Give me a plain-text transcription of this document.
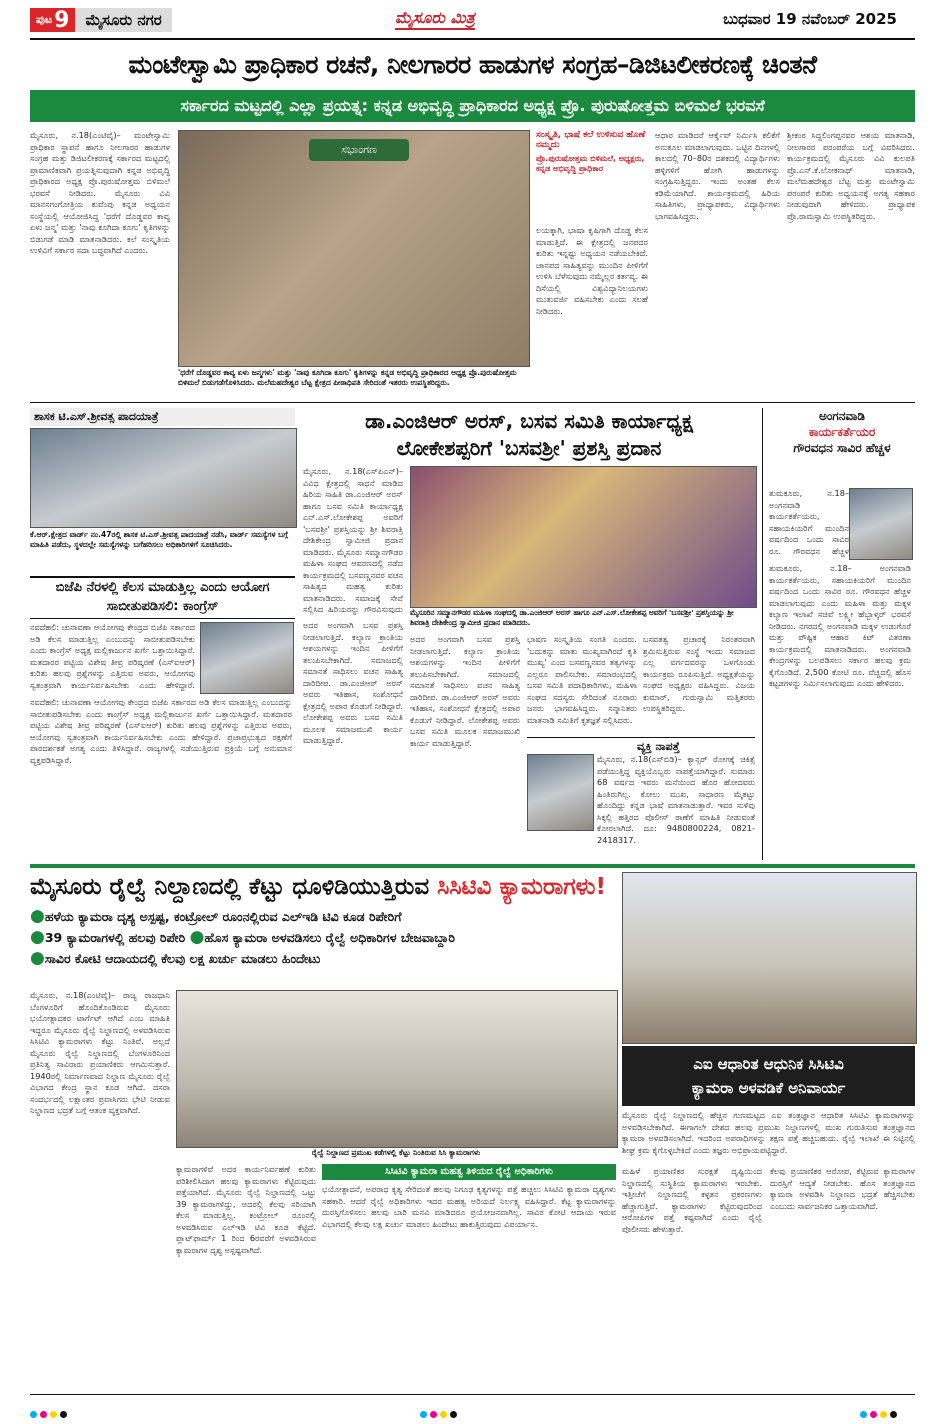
ಪುಟ 9	ಮೈಸೂರು ನಗರ	ಮೈಸೂರು ಮಿತ್ರ	ಬುಧವಾರ 19 ನವೆಂಬರ್ 2025
ಮಂಟೇಸ್ವಾಮಿ ಪ್ರಾಧಿಕಾರ ರಚನೆ, ನೀಲಗಾರರ ಹಾಡುಗಳ ಸಂಗ್ರಹ–ಡಿಜಿಟಲೀಕರಣಕ್ಕೆ ಚಿಂತನೆ
ಸರ್ಕಾರದ ಮಟ್ಟದಲ್ಲಿ ಎಲ್ಲಾ ಪ್ರಯತ್ನ: ಕನ್ನಡ ಅಭಿವೃದ್ಧಿ ಪ್ರಾಧಿಕಾರದ ಅಧ್ಯಕ್ಷ ಪ್ರೊ. ಪುರುಷೋತ್ತಮ ಬಿಳಿಮಲೆ ಭರವಸೆ
ಮೈಸೂರು, ನ.18(ಎಂಟಿವೈ)– ಮಂಟೇಸ್ವಾಮಿ ಪ್ರಾಧಿಕಾರ ಸ್ಥಾಪನೆ ಹಾಗೂ ನೀಲಗಾರರ ಹಾಡುಗಳ ಸಂಗ್ರಹ ಮತ್ತು ಡಿಜಿಟಲೀಕರಣಕ್ಕೆ ಸರ್ಕಾರದ ಮಟ್ಟದಲ್ಲಿ ಪ್ರಾಮಾಣಿಕವಾಗಿ ಪ್ರಯತ್ನಿಸುವುದಾಗಿ ಕನ್ನಡ ಅಭಿವೃದ್ಧಿ ಪ್ರಾಧಿಕಾರದ ಅಧ್ಯಕ್ಷ ಪ್ರೊ.ಪುರುಷೋತ್ತಮ ಬಿಳಿಮಲೆ ಭರವಸೆ ನೀಡಿದರು. ಮೈಸೂರು ವಿವಿ ಮಾನಸಗಂಗೋತ್ರಿಯ ಕುವೆಂಪು ಕನ್ನಡ ಅಧ್ಯಯನ ಸಂಸ್ಥೆಯಲ್ಲಿ ಆಯೋಜಿಸಿದ್ದ 'ಧರೆಗೆ ದೊಡ್ಡವರ ಕಾವ್ಯ ಏಳು ಜನ್ಮ' ಮತ್ತು 'ನಾವು ಕೂಗಿದಾ ಕೂಗು' ಕೃತಿಗಳನ್ನು ಬಿಡುಗಡೆ ಮಾಡಿ ಮಾತನಾಡಿದರು. ಕಲೆ ಸಂಸ್ಕೃತಿಯ ಉಳಿವಿಗೆ ಸರ್ಕಾರ ಸದಾ ಬದ್ಧವಾಗಿದೆ ಎಂದರು.
ಸಭಾಂಗಣ
'ಧರೆಗೆ ದೊಡ್ಡವರ ಕಾವ್ಯ ಏಳು ಜನ್ಮಗಳು' ಮತ್ತು 'ನಾವು ಕೂಗಿದಾ ಕೂಗು' ಕೃತಿಗಳನ್ನು ಕನ್ನಡ ಅಭಿವೃದ್ಧಿ ಪ್ರಾಧಿಕಾರದ ಅಧ್ಯಕ್ಷ ಪ್ರೊ.ಪುರುಷೋತ್ತಮ ಬಿಳಿಮಲೆ ಬಿಡುಗಡೆಗೊಳಿಸಿದರು. ಮಲೆಮಹದೇಶ್ವರ ಬೆಟ್ಟ ಕ್ಷೇತ್ರದ ಪೀಠಾಧಿಪತಿ ಸೇರಿದಂತೆ ಇತರರು ಉಪಸ್ಥಿತರಿದ್ದರು.
ಸಂಸ್ಕೃತಿ, ಭಾಷೆ ಕಲೆ ಉಳಿಸುವ ಹೊಣೆ ನಮ್ಮದು
ಪ್ರೊ.ಪುರುಷೋತ್ತಮ ಬಿಳಿಮಲೆ, ಅಧ್ಯಕ್ಷರು, ಕನ್ನಡ ಅಭಿವೃದ್ಧಿ ಪ್ರಾಧಿಕಾರ
ಲಯಕ್ಕಾಗಿ, ಭಾಷಾ ಕೃಷಿಗಾಗಿ ದೊಡ್ಡ ಕೆಲಸ ಮಾಡುತ್ತಿದೆ. ಈ ಕ್ಷೇತ್ರದಲ್ಲಿ ಜನಪದರ ಕುರಿತು ಇನ್ನಷ್ಟು ಅಧ್ಯಯನ ನಡೆಯಬೇಕಿದೆ. ಜಾನಪದ ಸಾಹಿತ್ಯವನ್ನು ಮುಂದಿನ ಪೀಳಿಗೆಗೆ ಉಳಿಸಿ ಬೆಳೆಸುವುದು ನಮ್ಮೆಲ್ಲರ ಕರ್ತವ್ಯ. ಈ ದಿಸೆಯಲ್ಲಿ ವಿಶ್ವವಿದ್ಯಾನಿಲಯಗಳು ಮುತುವರ್ಜಿ ವಹಿಸಬೇಕು ಎಂದು ಸಲಹೆ ನೀಡಿದರು.
ಆಧಾರ ಮಾಡಿದರೆ ಆರ್ಕೈವ್ ನಿರ್ಮಿಸಿ ಕಲಿಕೆಗೆ ಅನುಕೂಲ ಮಾಡಲಾಗುವುದು. ಒಟ್ಟಿನ ದಿನಗಳಲ್ಲಿ ಕಾಲದಲ್ಲಿ 70–80ರ ದಶಕದಲ್ಲಿ ವಿದ್ಯಾರ್ಥಿಗಳು ಹಳ್ಳಿಗಳಿಗೆ ಹೋಗಿ ಹಾಡುಗಳನ್ನು ಸಂಗ್ರಹಿಸುತ್ತಿದ್ದರು. ಇಂದು ಅಂತಹ ಕೆಲಸ ಕಡಿಮೆಯಾಗಿದೆ. ಕಾರ್ಯಕ್ರಮದಲ್ಲಿ ಹಿರಿಯ ಸಾಹಿತಿಗಳು, ಪ್ರಾಧ್ಯಾಪಕರು, ವಿದ್ಯಾರ್ಥಿಗಳು ಭಾಗವಹಿಸಿದ್ದರು.
ಶ್ರೀಕಂಠ ಸಿದ್ದಲಿಂಗಪ್ಪನವರ ಆಶಯ ಮಾತನಾಡಿ, ನೀಲಗಾರರ ಪರಂಪರೆಯ ಬಗ್ಗೆ ವಿವರಿಸಿದರು. ಕಾರ್ಯಕ್ರಮದಲ್ಲಿ ಮೈಸೂರು ವಿವಿ ಕುಲಪತಿ ಪ್ರೊ.ಎನ್.ಕೆ.ಲೋಕನಾಥ್ ಮಾತನಾಡಿ, ಮಲೆಮಹದೇಶ್ವರ ಬೆಟ್ಟ ಮತ್ತು ಮಂಟೇಸ್ವಾಮಿ ಪರಂಪರೆ ಕುರಿತು ಅಧ್ಯಯನಕ್ಕೆ ಅಗತ್ಯ ಸಹಕಾರ ನೀಡುವುದಾಗಿ ಹೇಳಿದರು. ಪ್ರಾಧ್ಯಾಪಕ ಪ್ರೊ.ರಾಮಸ್ವಾಮಿ ಉಪಸ್ಥಿತರಿದ್ದರು.
ಶಾಸಕ ಟಿ.ಎಸ್.ಶ್ರೀವತ್ಸ ಪಾದಯಾತ್ರೆ
ಕೆ.ಆರ್.ಕ್ಷೇತ್ರದ ವಾರ್ಡ್ ನಂ.47ರಲ್ಲಿ ಶಾಸಕ ಟಿ.ಎಸ್.ಶ್ರೀವತ್ಸ ಪಾದಯಾತ್ರೆ ನಡೆಸಿ, ವಾರ್ಡ್ ಸಮಸ್ಯೆಗಳ ಬಗ್ಗೆ ಮಾಹಿತಿ ಪಡೆದು, ಸ್ಥಳದಲ್ಲೇ ಸಮಸ್ಯೆಗಳನ್ನು ಬಗೆಹರಿಸಲು ಅಧಿಕಾರಿಗಳಿಗೆ ಸೂಚಿಸಿದರು.
ಬಿಜೆಪಿ ನೆರಳಲ್ಲಿ ಕೆಲಸ ಮಾಡುತ್ತಿಲ್ಲ ಎಂದು ಆಯೋಗ ಸಾಬೀತುಪಡಿಸಲಿ: ಕಾಂಗ್ರೆಸ್
ನವದೆಹಲಿ: ಚುನಾವಣಾ ಆಯೋಗವು ಕೇಂದ್ರದ ಬಿಜೆಪಿ ಸರ್ಕಾರದ ಅಡಿ ಕೆಲಸ ಮಾಡುತ್ತಿಲ್ಲ ಎಂಬುದನ್ನು ಸಾಬೀತುಪಡಿಸಬೇಕು ಎಂದು ಕಾಂಗ್ರೆಸ್ ಅಧ್ಯಕ್ಷ ಮಲ್ಲಿಕಾರ್ಜುನ ಖರ್ಗೆ ಒತ್ತಾಯಿಸಿದ್ದಾರೆ. ಮತದಾರರ ಪಟ್ಟಿಯ ವಿಶೇಷ ತೀವ್ರ ಪರಿಷ್ಕರಣೆ (ಎಸ್‌ಐಆರ್) ಕುರಿತು ಹಲವು ಪ್ರಶ್ನೆಗಳನ್ನು ಎತ್ತಿರುವ ಅವರು, ಆಯೋಗವು ಸ್ವತಂತ್ರವಾಗಿ ಕಾರ್ಯನಿರ್ವಹಿಸಬೇಕು ಎಂದು ಹೇಳಿದ್ದಾರೆ.
ನವದೆಹಲಿ: ಚುನಾವಣಾ ಆಯೋಗವು ಕೇಂದ್ರದ ಬಿಜೆಪಿ ಸರ್ಕಾರದ ಅಡಿ ಕೆಲಸ ಮಾಡುತ್ತಿಲ್ಲ ಎಂಬುದನ್ನು ಸಾಬೀತುಪಡಿಸಬೇಕು ಎಂದು ಕಾಂಗ್ರೆಸ್ ಅಧ್ಯಕ್ಷ ಮಲ್ಲಿಕಾರ್ಜುನ ಖರ್ಗೆ ಒತ್ತಾಯಿಸಿದ್ದಾರೆ. ಮತದಾರರ ಪಟ್ಟಿಯ ವಿಶೇಷ ತೀವ್ರ ಪರಿಷ್ಕರಣೆ (ಎಸ್‌ಐಆರ್) ಕುರಿತು ಹಲವು ಪ್ರಶ್ನೆಗಳನ್ನು ಎತ್ತಿರುವ ಅವರು, ಆಯೋಗವು ಸ್ವತಂತ್ರವಾಗಿ ಕಾರ್ಯನಿರ್ವಹಿಸಬೇಕು ಎಂದು ಹೇಳಿದ್ದಾರೆ. ಪ್ರಜಾಪ್ರಭುತ್ವದ ರಕ್ಷಣೆಗೆ ಪಾರದರ್ಶಕತೆ ಅಗತ್ಯ ಎಂದು ತಿಳಿಸಿದ್ದಾರೆ. ರಾಜ್ಯಗಳಲ್ಲಿ ನಡೆಯುತ್ತಿರುವ ಪ್ರಕ್ರಿಯೆ ಬಗ್ಗೆ ಅನುಮಾನ ವ್ಯಕ್ತಪಡಿಸಿದ್ದಾರೆ.
ಡಾ.ಎಂಜಿಆರ್ ಅರಸ್, ಬಸವ ಸಮಿತಿ ಕಾರ್ಯಾಧ್ಯಕ್ಷ
ಲೋಕೇಶಪ್ಪರಿಗೆ 'ಬಸವಶ್ರೀ' ಪ್ರಶಸ್ತಿ ಪ್ರದಾನ
ಮೈಸೂರು, ನ.18(ಎಸ್‌ಪಿಎನ್)– ವಿವಿಧ ಕ್ಷೇತ್ರದಲ್ಲಿ ಸಾಧನೆ ಮಾಡಿದ ಹಿರಿಯ ಸಾಹಿತಿ ಡಾ.ಎಂಜಿಆರ್ ಅರಸ್ ಹಾಗೂ ಬಸವ ಸಮಿತಿ ಕಾರ್ಯಾಧ್ಯಕ್ಷ ಎನ್.ಎಸ್.ಲೋಕೇಶಪ್ಪ ಅವರಿಗೆ 'ಬಸವಶ್ರೀ' ಪ್ರಶಸ್ತಿಯನ್ನು ಶ್ರೀ ಶಿವರಾತ್ರಿ ದೇಶಿಕೇಂದ್ರ ಸ್ವಾಮೀಜಿ ಪ್ರದಾನ ಮಾಡಿದರು. ಮೈಸೂರು ಸಮ್ಮಾನಗೌಡರ ಮಹಿಳಾ ಸಂಘದ ಆವರಣದಲ್ಲಿ ನಡೆದ ಕಾರ್ಯಕ್ರಮದಲ್ಲಿ ಬಸವಣ್ಣನವರ ವಚನ ಸಾಹಿತ್ಯದ ಮಹತ್ವ ಕುರಿತು ಮಾತನಾಡಿದರು. ಸಮಾಜಕ್ಕೆ ಸೇವೆ ಸಲ್ಲಿಸಿದ ಹಿರಿಯರನ್ನು ಗೌರವಿಸುವುದು ಮೈಸೂರಿನ ಸಮ್ಮಾನಗೌಡರ ಮಹಿಳಾ ಸಂಘದಲ್ಲಿ ಡಾ.ಎಂಜಿಆರ್ ಅರಸ್ ಹಾಗೂ ಎನ್.ಎಸ್.ಲೋಕೇಶಪ್ಪ ಅವರಿಗೆ 'ಬಸವಶ್ರೀ' ಪ್ರಶಸ್ತಿಯನ್ನು ಶ್ರೀ ಶಿವರಾತ್ರಿ ದೇಶಿಕೇಂದ್ರ ಸ್ವಾಮೀಜಿ ಪ್ರದಾನ ಮಾಡಿದರು.
ಅದರ ಅಂಗವಾಗಿ ಬಸವ ಪ್ರಶಸ್ತಿ ನೀಡಲಾಗುತ್ತಿದೆ. ಕಲ್ಯಾಣ ಕ್ರಾಂತಿಯ ಆಶಯಗಳನ್ನು ಇಂದಿನ ಪೀಳಿಗೆಗೆ ತಲುಪಿಸಬೇಕಾಗಿದೆ. ಸಮಾಜದಲ್ಲಿ ಸಮಾನತೆ ಸಾಧಿಸಲು ವಚನ ಸಾಹಿತ್ಯ ದಾರಿದೀಪ. ಡಾ.ಎಂಜಿಆರ್ ಅರಸ್ ಅವರು ಇತಿಹಾಸ, ಸಂಶೋಧನೆ ಕ್ಷೇತ್ರದಲ್ಲಿ ಅಪಾರ ಕೊಡುಗೆ ನೀಡಿದ್ದಾರೆ. ಲೋಕೇಶಪ್ಪ ಅವರು ಬಸವ ಸಮಿತಿ ಮೂಲಕ ಸಮಾಜಮುಖಿ ಕಾರ್ಯ ಮಾಡುತ್ತಿದ್ದಾರೆ.
ಅದರ ಅಂಗವಾಗಿ ಬಸವ ಪ್ರಶಸ್ತಿ ನೀಡಲಾಗುತ್ತಿದೆ. ಕಲ್ಯಾಣ ಕ್ರಾಂತಿಯ ಆಶಯಗಳನ್ನು ಇಂದಿನ ಪೀಳಿಗೆಗೆ ತಲುಪಿಸಬೇಕಾಗಿದೆ. ಸಮಾಜದಲ್ಲಿ ಸಮಾನತೆ ಸಾಧಿಸಲು ವಚನ ಸಾಹಿತ್ಯ ದಾರಿದೀಪ. ಡಾ.ಎಂಜಿಆರ್ ಅರಸ್ ಅವರು ಇತಿಹಾಸ, ಸಂಶೋಧನೆ ಕ್ಷೇತ್ರದಲ್ಲಿ ಅಪಾರ ಕೊಡುಗೆ ನೀಡಿದ್ದಾರೆ. ಲೋಕೇಶಪ್ಪ ಅವರು ಬಸವ ಸಮಿತಿ ಮೂಲಕ ಸಮಾಜಮುಖಿ ಕಾರ್ಯ ಮಾಡುತ್ತಿದ್ದಾರೆ.
ಭಾಷಣ ಸಂಸ್ಕೃತಿಯ ಸಂಗತಿ ಎಂದರು. 'ಬದುಕನ್ನು ಮಾತು ಮುಖ್ಯವಾಗಿರದೆ ಕೃತಿ ಮುಖ್ಯ' ಎಂದ ಬಸವಣ್ಣನವರ ತತ್ವಗಳನ್ನು ಎಲ್ಲರೂ ಪಾಲಿಸಬೇಕು. ಸಮಾರಂಭದಲ್ಲಿ ಬಸವ ಸಮಿತಿ ಪದಾಧಿಕಾರಿಗಳು, ಮಹಿಳಾ ಸಂಘದ ಸದಸ್ಯರು ಸೇರಿದಂತೆ ನೂರಾರು ಜನರು ಭಾಗವಹಿಸಿದ್ದರು. ಸನ್ಮಾನಿತರು ಮಾತನಾಡಿ ಸಮಿತಿಗೆ ಕೃತಜ್ಞತೆ ಸಲ್ಲಿಸಿದರು.
ಬಸವತತ್ವ ಪ್ರಚಾರಕ್ಕೆ ನಿರಂತರವಾಗಿ ಶ್ರಮಿಸುತ್ತಿರುವ ಸಂಸ್ಥೆ ಇಂದು ಸಮಾಜದ ಎಲ್ಲ ವರ್ಗದವರನ್ನು ಒಳಗೊಂಡು ಕಾರ್ಯಕ್ರಮ ರೂಪಿಸುತ್ತಿದೆ. ಅಧ್ಯಕ್ಷತೆಯನ್ನು ಸಂಘದ ಅಧ್ಯಕ್ಷರು ವಹಿಸಿದ್ದರು. ವಿಜಯ ಕುಮಾರ್, ಗುರುಸ್ವಾಮಿ ಮತ್ತಿತರರು ಉಪಸ್ಥಿತರಿದ್ದರು.
ವ್ಯಕ್ತಿ ನಾಪತ್ತೆ
ಮೈಸೂರು, ನ.18(ಎಸ್‌ಬಿಡಿ)– ಕ್ಯಾನ್ಸರ್ ರೋಗಕ್ಕೆ ಚಿಕಿತ್ಸೆ ಪಡೆಯುತ್ತಿದ್ದ ವ್ಯಕ್ತಿಯೊಬ್ಬರು ನಾಪತ್ತೆಯಾಗಿದ್ದಾರೆ. ಸುಮಾರು 68 ವರ್ಷದ ಇವರು ಮನೆಯಿಂದ ಹೊರ ಹೋದವರು ಹಿಂತಿರುಗಿಲ್ಲ. ಕೋಲು ಮುಖ, ಸಾಧಾರಣ ಮೈಕಟ್ಟು ಹೊಂದಿದ್ದು ಕನ್ನಡ ಭಾಷೆ ಮಾತನಾಡುತ್ತಾರೆ. ಇವರ ಸುಳಿವು ಸಿಕ್ಕಲ್ಲಿ ಹತ್ತಿರದ ಪೊಲೀಸ್ ಠಾಣೆಗೆ ಮಾಹಿತಿ ನೀಡುವಂತೆ ಕೋರಲಾಗಿದೆ. ದೂ: 9480800224, 0821-2418317.
ಅಂಗನವಾಡಿ
ಕಾರ್ಯಕರ್ತೆಯರ
ಗೌರವಧನ ಸಾವಿರ ಹೆಚ್ಚಳ
ತುಮಕೂರು, ನ.18– ಅಂಗನವಾಡಿ ಕಾರ್ಯಕರ್ತೆಯರು, ಸಹಾಯಕಿಯರಿಗೆ ಮುಂದಿನ ವರ್ಷದಿಂದ ಒಂದು ಸಾವಿರ ರೂ. ಗೌರವಧನ ಹೆಚ್ಚಳ
ತುಮಕೂರು, ನ.18– ಅಂಗನವಾಡಿ ಕಾರ್ಯಕರ್ತೆಯರು, ಸಹಾಯಕಿಯರಿಗೆ ಮುಂದಿನ ವರ್ಷದಿಂದ ಒಂದು ಸಾವಿರ ರೂ. ಗೌರವಧನ ಹೆಚ್ಚಳ ಮಾಡಲಾಗುವುದು ಎಂದು ಮಹಿಳಾ ಮತ್ತು ಮಕ್ಕಳ ಕಲ್ಯಾಣ ಇಲಾಖೆ ಸಚಿವೆ ಲಕ್ಷ್ಮೀ ಹೆಬ್ಬಾಳ್ಕರ್ ಭರವಸೆ ನೀಡಿದರು. ನಗರದಲ್ಲಿ ಅಂಗನವಾಡಿ ಮಕ್ಕಳ ಉಡುಗೊರೆ ಮತ್ತು ಪೌಷ್ಟಿಕ ಆಹಾರ ಕಿಟ್ ವಿತರಣಾ ಕಾರ್ಯಕ್ರಮದಲ್ಲಿ ಮಾತನಾಡಿದರು. ಅಂಗನವಾಡಿ ಕೇಂದ್ರಗಳನ್ನು ಬಲಪಡಿಸಲು ಸರ್ಕಾರ ಹಲವು ಕ್ರಮ ಕೈಗೊಂಡಿದೆ. 2,500 ಕೋಟಿ ರೂ. ವೆಚ್ಚದಲ್ಲಿ ಹೊಸ ಕಟ್ಟಡಗಳನ್ನು ನಿರ್ಮಿಸಲಾಗುವುದು ಎಂದು ಹೇಳಿದರು.
ಮೈಸೂರು ರೈಲ್ವೆ ನಿಲ್ದಾಣದಲ್ಲಿ ಕೆಟ್ಟು ಧೂಳಿಡಿಯುತ್ತಿರುವ ಸಿಸಿಟಿವಿ ಕ್ಯಾಮರಾಗಳು!
●ಹಳೆಯ ಕ್ಯಾಮರಾ ದೃಶ್ಯ ಅಸ್ಪಷ್ಟ, ಕಂಟ್ರೋಲ್ ರೂಂನಲ್ಲಿರುವ ಎಲ್‌ಇಡಿ ಟಿವಿ ಕೂಡ ರಿಪೇರಿಗೆ
●39 ಕ್ಯಾಮರಾಗಳಲ್ಲಿ ಹಲವು ರಿಪೇರಿ ●ಹೊಸ ಕ್ಯಾಮರಾ ಅಳವಡಿಸಲು ರೈಲ್ವೆ ಅಧಿಕಾರಿಗಳ ಬೇಜವಾಬ್ದಾರಿ
●ಸಾವಿರ ಕೋಟಿ ಆದಾಯದಲ್ಲಿ ಕೆಲವು ಲಕ್ಷ ಖರ್ಚು ಮಾಡಲು ಹಿಂದೇಟು
ಮೈಸೂರು, ನ.18(ಎಂಟಿವೈ)– ರಾಜ್ಯ ರಾಜಧಾನಿ ಬೆಂಗಳೂರಿಗೆ ಹೊಂದಿಕೊಂಡಿರುವ ಮೈಸೂರು ಭಯೋತ್ಪಾದಕರ ಟಾರ್ಗೆಟ್ ಆಗಿದೆ ಎಂಬ ಮಾಹಿತಿ ಇದ್ದರೂ ಮೈಸೂರು ರೈಲ್ವೆ ನಿಲ್ದಾಣದಲ್ಲಿ ಅಳವಡಿಸಿರುವ ಸಿಸಿಟಿವಿ ಕ್ಯಾಮರಾಗಳು ಕೆಟ್ಟು ನಿಂತಿವೆ. ಅಲ್ಲದೆ ಮೈಸೂರು ರೈಲ್ವೆ ನಿಲ್ದಾಣದಲ್ಲಿ ಬೆಂಗಳೂರಿನಿಂದ ಪ್ರತಿನಿತ್ಯ ಸಾವಿರಾರು ಪ್ರಯಾಣಿಕರು ಆಗಮಿಸುತ್ತಾರೆ. 1940ರಲ್ಲಿ ನಿರ್ಮಾಣವಾದ ನಿಲ್ದಾಣ ಮೈಸೂರು ರೈಲ್ವೆ ವಿಭಾಗದ ಕೇಂದ್ರ ಸ್ಥಾನ ಕೂಡ ಆಗಿದೆ. ದಸರಾ ಸಂದರ್ಭದಲ್ಲಿ ಲಕ್ಷಾಂತರ ಪ್ರವಾಸಿಗರು ಭೇಟಿ ನೀಡುವ ನಿಲ್ದಾಣದ ಭದ್ರತೆ ಬಗ್ಗೆ ಆತಂಕ ವ್ಯಕ್ತವಾಗಿದೆ.
ರೈಲ್ವೆ ನಿಲ್ದಾಣದ ಪ್ರಮುಖ ಕಡೆಗಳಲ್ಲಿ ಕೆಟ್ಟು ನಿಂತಿರುವ ಸಿಸಿ ಕ್ಯಾಮರಾಗಳು
ಎಐ ಆಧಾರಿತ ಆಧುನಿಕ ಸಿಸಿಟಿವಿ
ಕ್ಯಾಮರಾ ಅಳವಡಿಕೆ ಅನಿವಾರ್ಯ
ಮೈಸೂರು ರೈಲ್ವೆ ನಿಲ್ದಾಣದಲ್ಲಿ ಹೆಚ್ಚಿನ ಗುಣಮಟ್ಟದ ಎಐ ತಂತ್ರಜ್ಞಾನ ಆಧಾರಿತ ಸಿಸಿಟಿವಿ ಕ್ಯಾಮರಾಗಳನ್ನು ಅಳವಡಿಸಬೇಕಾಗಿದೆ. ಈಗಾಗಲೇ ದೇಶದ ಹಲವು ಪ್ರಮುಖ ನಿಲ್ದಾಣಗಳಲ್ಲಿ ಮುಖ ಗುರುತಿಸುವ ತಂತ್ರಜ್ಞಾನದ ಕ್ಯಾಮರಾ ಅಳವಡಿಸಲಾಗಿದೆ. ಇದರಿಂದ ಅಪರಾಧಿಗಳನ್ನು ತಕ್ಷಣ ಪತ್ತೆ ಹಚ್ಚಬಹುದು. ರೈಲ್ವೆ ಇಲಾಖೆ ಈ ನಿಟ್ಟಿನಲ್ಲಿ ಶೀಘ್ರ ಕ್ರಮ ಕೈಗೊಳ್ಳಬೇಕಿದೆ ಎಂದು ತಜ್ಞರು ಅಭಿಪ್ರಾಯಪಟ್ಟಿದ್ದಾರೆ.
ಕ್ಯಾಮರಾಗಳಿವೆ ಅದರ ಕಾರ್ಯನಿರ್ವಹಣೆ ಕುರಿತು ಪರಿಶೀಲಿಸಿದಾಗ ಹಲವು ಕ್ಯಾಮರಾಗಳು ಕೆಟ್ಟಿರುವುದು ಪತ್ತೆಯಾಗಿದೆ. ಮೈಸೂರು ರೈಲ್ವೆ ನಿಲ್ದಾಣದಲ್ಲಿ ಒಟ್ಟು 39 ಕ್ಯಾಮರಾಗಳಿದ್ದು, ಅದರಲ್ಲಿ ಕೆಲವು ಸರಿಯಾಗಿ ಕೆಲಸ ಮಾಡುತ್ತಿಲ್ಲ. ಕಂಟ್ರೋಲ್ ರೂಂನಲ್ಲಿ ಅಳವಡಿಸಿರುವ ಎಲ್‌ಇಡಿ ಟಿವಿ ಕೂಡ ಕೆಟ್ಟಿದೆ. ಪ್ಲಾಟ್‌ಫಾರ್ಮ್ 1 ರಿಂದ 6ರವರೆಗೆ ಅಳವಡಿಸಿರುವ ಕ್ಯಾಮರಾಗಳ ದೃಶ್ಯ ಅಸ್ಪಷ್ಟವಾಗಿದೆ.
ಸಿಸಿಟಿವಿ ಕ್ಯಾಮರಾ ಮಹತ್ವ ತಿಳಿಯದ ರೈಲ್ವೆ ಅಧಿಕಾರಿಗಳು
ಭಯೋತ್ಪಾದನೆ, ಅಪರಾಧ ಕೃತ್ಯ ಸೇರಿದಂತೆ ಹಲವು ನಿಗೂಢ ಕೃತ್ಯಗಳನ್ನು ಪತ್ತೆ ಹಚ್ಚಲು ಸಿಸಿಟಿವಿ ಕ್ಯಾಮರಾ ದೃಶ್ಯಗಳು ಸಹಕಾರಿ. ಆದರೆ ರೈಲ್ವೆ ಅಧಿಕಾರಿಗಳು ಇದರ ಮಹತ್ವ ಅರಿಯದೆ ನಿರ್ಲಕ್ಷ್ಯ ವಹಿಸಿದ್ದಾರೆ. ಕೆಟ್ಟ ಕ್ಯಾಮರಾಗಳನ್ನು ದುರಸ್ತಿಗೊಳಿಸಲು ಹಲವು ಬಾರಿ ಮನವಿ ಮಾಡಿದರೂ ಪ್ರಯೋಜನವಾಗಿಲ್ಲ. ಸಾವಿರ ಕೋಟಿ ಆದಾಯ ಇರುವ ವಿಭಾಗದಲ್ಲಿ ಕೆಲವು ಲಕ್ಷ ಖರ್ಚು ಮಾಡಲು ಹಿಂದೇಟು ಹಾಕುತ್ತಿರುವುದು ವಿಪರ್ಯಾಸ.
ಮಹಿಳೆ ಪ್ರಯಾಣಿಕರ ಸುರಕ್ಷತೆ ದೃಷ್ಟಿಯಿಂದ ನಿಲ್ದಾಣದಲ್ಲಿ ಸುಸ್ಥಿತಿಯ ಕ್ಯಾಮರಾಗಳು ಇರಬೇಕು. ಇತ್ತೀಚೆಗೆ ನಿಲ್ದಾಣದಲ್ಲಿ ಕಳ್ಳತನ ಪ್ರಕರಣಗಳು ಹೆಚ್ಚಾಗುತ್ತಿವೆ. ಕ್ಯಾಮರಾಗಳು ಕೆಟ್ಟಿರುವುದರಿಂದ ಆರೋಪಿಗಳ ಪತ್ತೆ ಕಷ್ಟವಾಗಿದೆ ಎಂದು ರೈಲ್ವೆ ಪೊಲೀಸರು ಹೇಳುತ್ತಾರೆ.
ಕೆಲವು ಪ್ರಯಾಣಿಕರ ಆರೋಪ, ಕೆಟ್ಟಿರುವ ಕ್ಯಾಮರಾಗಳ ದುರಸ್ತಿಗೆ ಆದ್ಯತೆ ನೀಡಬೇಕು. ಹೊಸ ತಂತ್ರಜ್ಞಾನದ ಕ್ಯಾಮರಾ ಅಳವಡಿಸಿ ನಿಲ್ದಾಣದ ಭದ್ರತೆ ಹೆಚ್ಚಿಸಬೇಕು ಎಂಬುದು ಸಾರ್ವಜನಿಕರ ಒತ್ತಾಯವಾಗಿದೆ.
